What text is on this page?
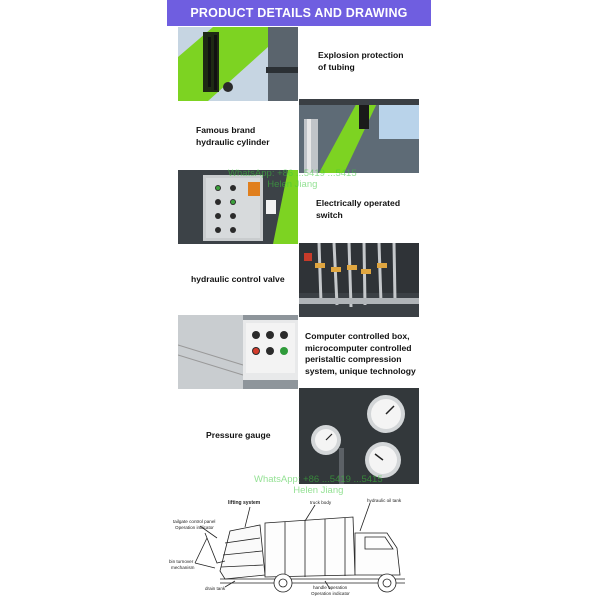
PRODUCT DETAILS AND DRAWING
Explosion protection
of tubing
Famous brand
hydraulic cylinder
Electrically operated
switch
WhatsApp: +86 ...5419 ...5415
Helen Jiang
hydraulic control valve
Computer controlled box,
microcomputer controlled
peristaltic compression
system, unique technology
Pressure gauge
WhatsApp: +86 ...5419 ...5415
Helen Jiang
lifting system	truck body	hydraulic oil tank
tailgate control panel
Operation indicator
bin turnover
mechanism
drain tank	handle operation
Operation indicator
